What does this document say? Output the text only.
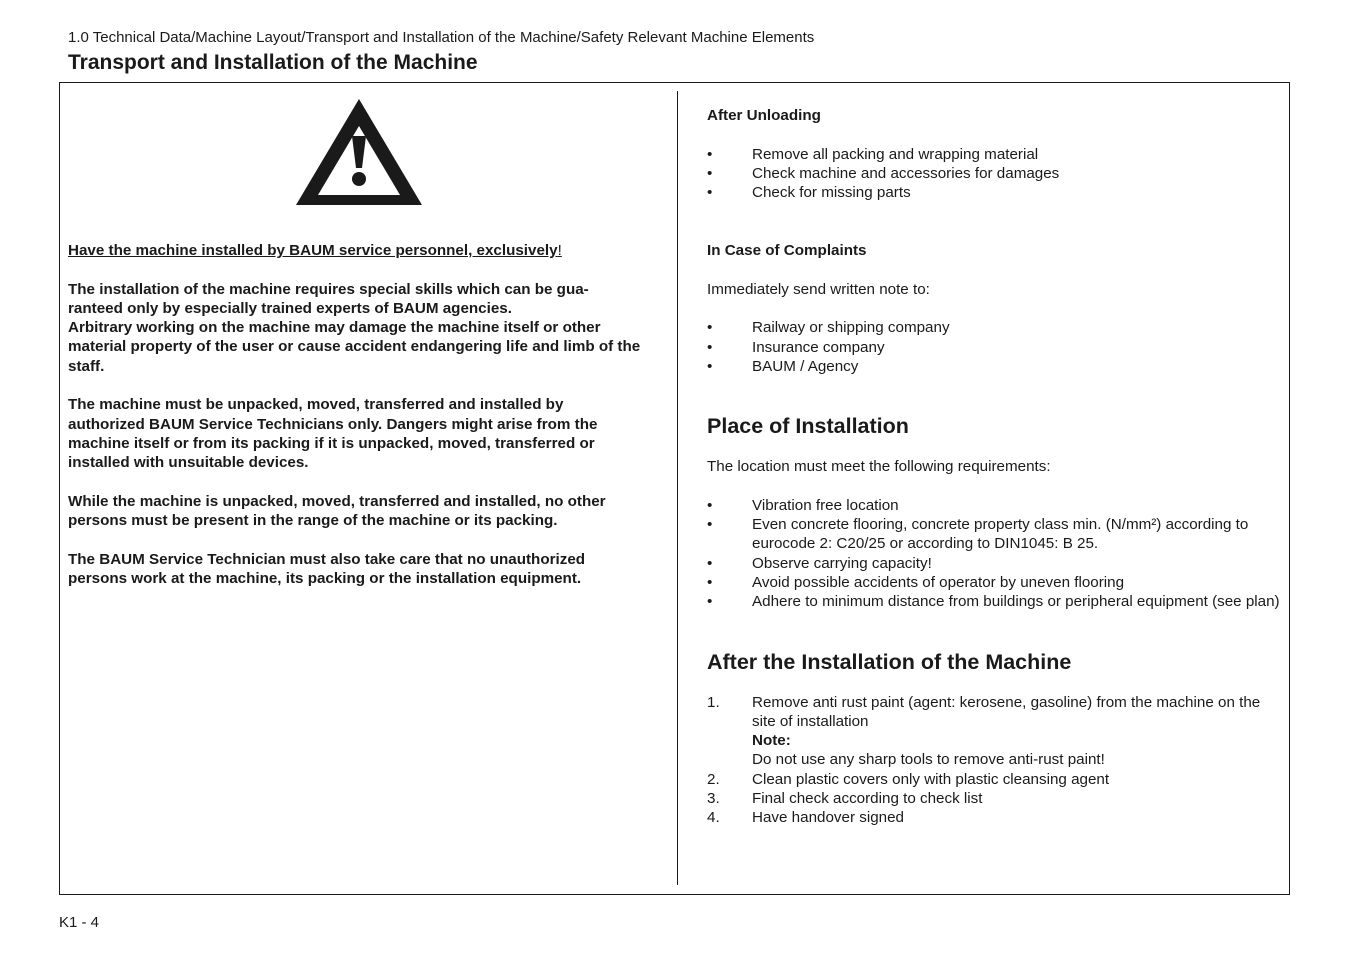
1.0 Technical Data/Machine Layout/Transport and Installation of the Machine/Safety Relevant Machine Elements
Transport and Installation of the Machine

Have the machine installed by BAUM service personnel, exclusively!

The installation of the machine requires special skills which can be gua-ranteed only by especially trained experts of BAUM agencies.

Arbitrary working on the machine may damage the machine itself or other material property of the user or cause accident endangering life and limb of the staff.

The machine must be unpacked, moved, transferred and installed by authorized BAUM Service Technicians only. Dangers might arise from the machine itself or from its packing if it is unpacked, moved, transferred or installed with unsuitable devices.

While the machine is unpacked, moved, transferred and installed, no other persons must be present in the range of the machine or its packing.

The BAUM Service Technician must also take care that no unauthorized persons work at the machine, its packing or the installation equipment.

After Unloading

•	Remove all packing and wrapping material
•	Check machine and accessories for damages
•	Check for missing parts

In Case of Complaints

Immediately send written note to:

•	Railway or shipping company
•	Insurance company
•	BAUM / Agency

Place of Installation

The location must meet the following requirements:

•	Vibration free location
•	Even concrete flooring, concrete property class min. (N/mm²) according to eurocode 2: C20/25 or according to DIN1045: B 25.
•	Observe carrying capacity!
•	Avoid possible accidents of operator by uneven flooring
•	Adhere to minimum distance from buildings or peripheral equipment (see plan)

After the Installation of the Machine

1. Remove anti rust paint (agent: kerosene, gasoline) from the machine on the site of installation
Note:
Do not use any sharp tools to remove anti-rust paint!
2. Clean plastic covers only with plastic cleansing agent
3. Final check according to check list
4. Have handover signed
K1 - 4
